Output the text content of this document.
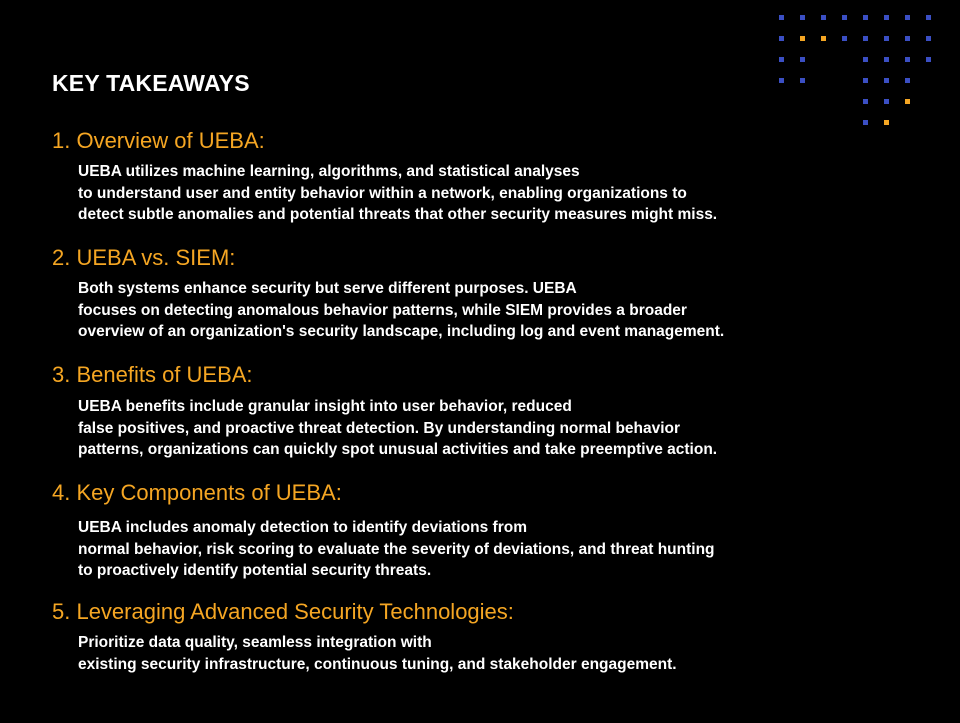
KEY TAKEAWAYS
1. Overview of UEBA:

UEBA utilizes machine learning, algorithms, and statistical analyses
to understand user and entity behavior within a network, enabling organizations to
detect subtle anomalies and potential threats that other security measures might miss.

2. UEBA vs. SIEM:

Both systems enhance security but serve different purposes. UEBA
focuses on detecting anomalous behavior patterns, while SIEM provides a broader
overview of an organization's security landscape, including log and event management.

3. Benefits of UEBA:

UEBA benefits include granular insight into user behavior, reduced
false positives, and proactive threat detection. By understanding normal behavior
patterns, organizations can quickly spot unusual activities and take preemptive action.

4. Key Components of UEBA:

UEBA includes anomaly detection to identify deviations from
normal behavior, risk scoring to evaluate the severity of deviations, and threat hunting
to proactively identify potential security threats.

5. Leveraging Advanced Security Technologies:

Prioritize data quality, seamless integration with
existing security infrastructure, continuous tuning, and stakeholder engagement.
